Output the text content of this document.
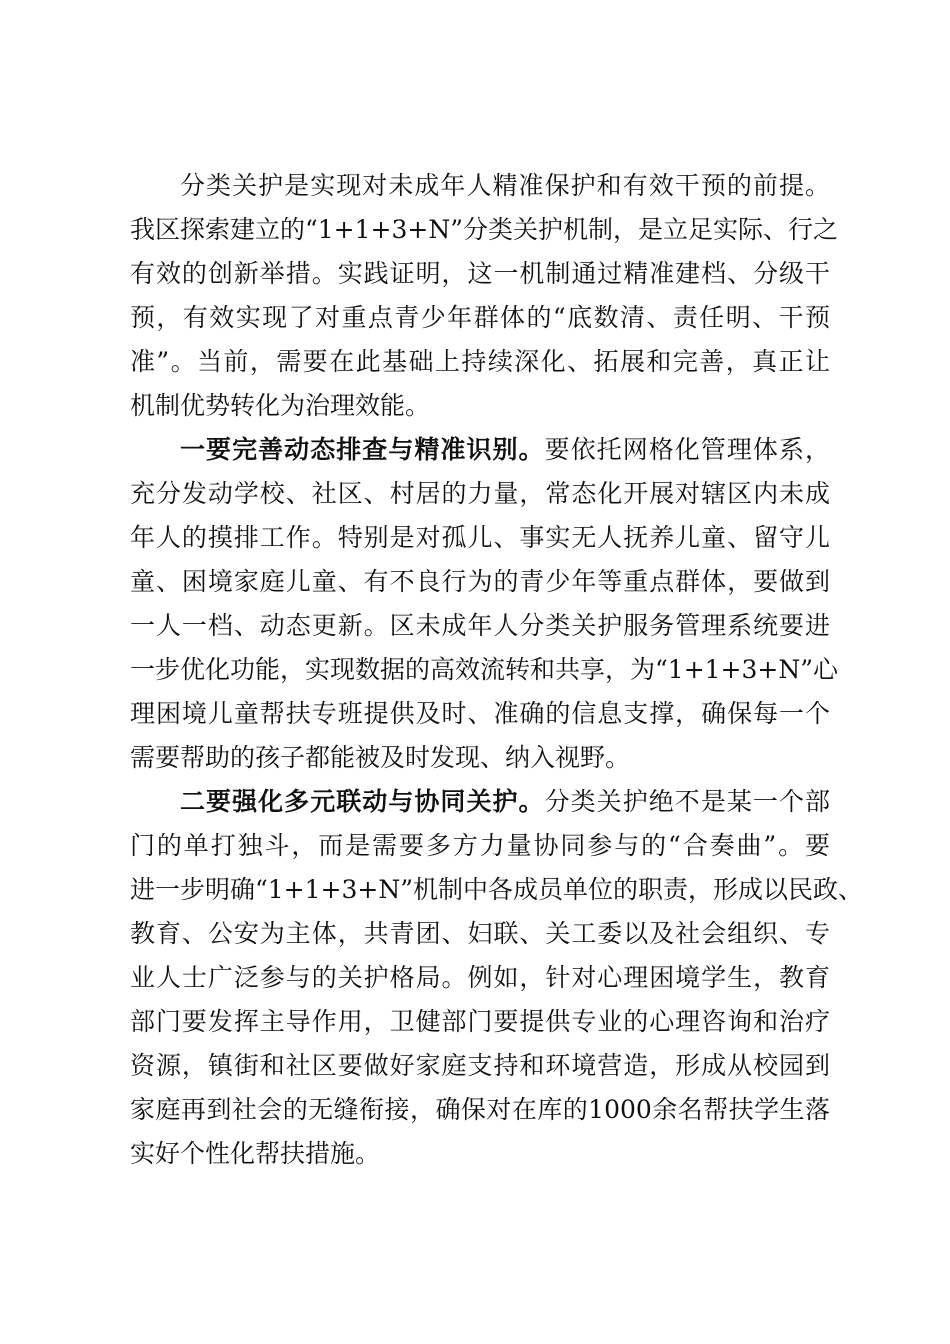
分类关护是实现对未成年人精准保护和有效干预的前提。
我区探索建立的“1+1+3+N”分类关护机制，是立足实际、行之
有效的创新举措。实践证明，这一机制通过精准建档、分级干
预，有效实现了对重点青少年群体的“底数清、责任明、干预
准”。当前，需要在此基础上持续深化、拓展和完善，真正让
机制优势转化为治理效能。
一要完善动态排查与精准识别。要依托网格化管理体系，
充分发动学校、社区、村居的力量，常态化开展对辖区内未成
年人的摸排工作。特别是对孤儿、事实无人抚养儿童、留守儿
童、困境家庭儿童、有不良行为的青少年等重点群体，要做到
一人一档、动态更新。区未成年人分类关护服务管理系统要进
一步优化功能，实现数据的高效流转和共享，为“1+1+3+N”心
理困境儿童帮扶专班提供及时、准确的信息支撑，确保每一个
需要帮助的孩子都能被及时发现、纳入视野。
二要强化多元联动与协同关护。分类关护绝不是某一个部
门的单打独斗，而是需要多方力量协同参与的“合奏曲”。要
进一步明确“1+1+3+N”机制中各成员单位的职责，形成以民政、
教育、公安为主体，共青团、妇联、关工委以及社会组织、专
业人士广泛参与的关护格局。例如，针对心理困境学生，教育
部门要发挥主导作用，卫健部门要提供专业的心理咨询和治疗
资源，镇街和社区要做好家庭支持和环境营造，形成从校园到
家庭再到社会的无缝衔接，确保对在库的1000余名帮扶学生落
实好个性化帮扶措施。
